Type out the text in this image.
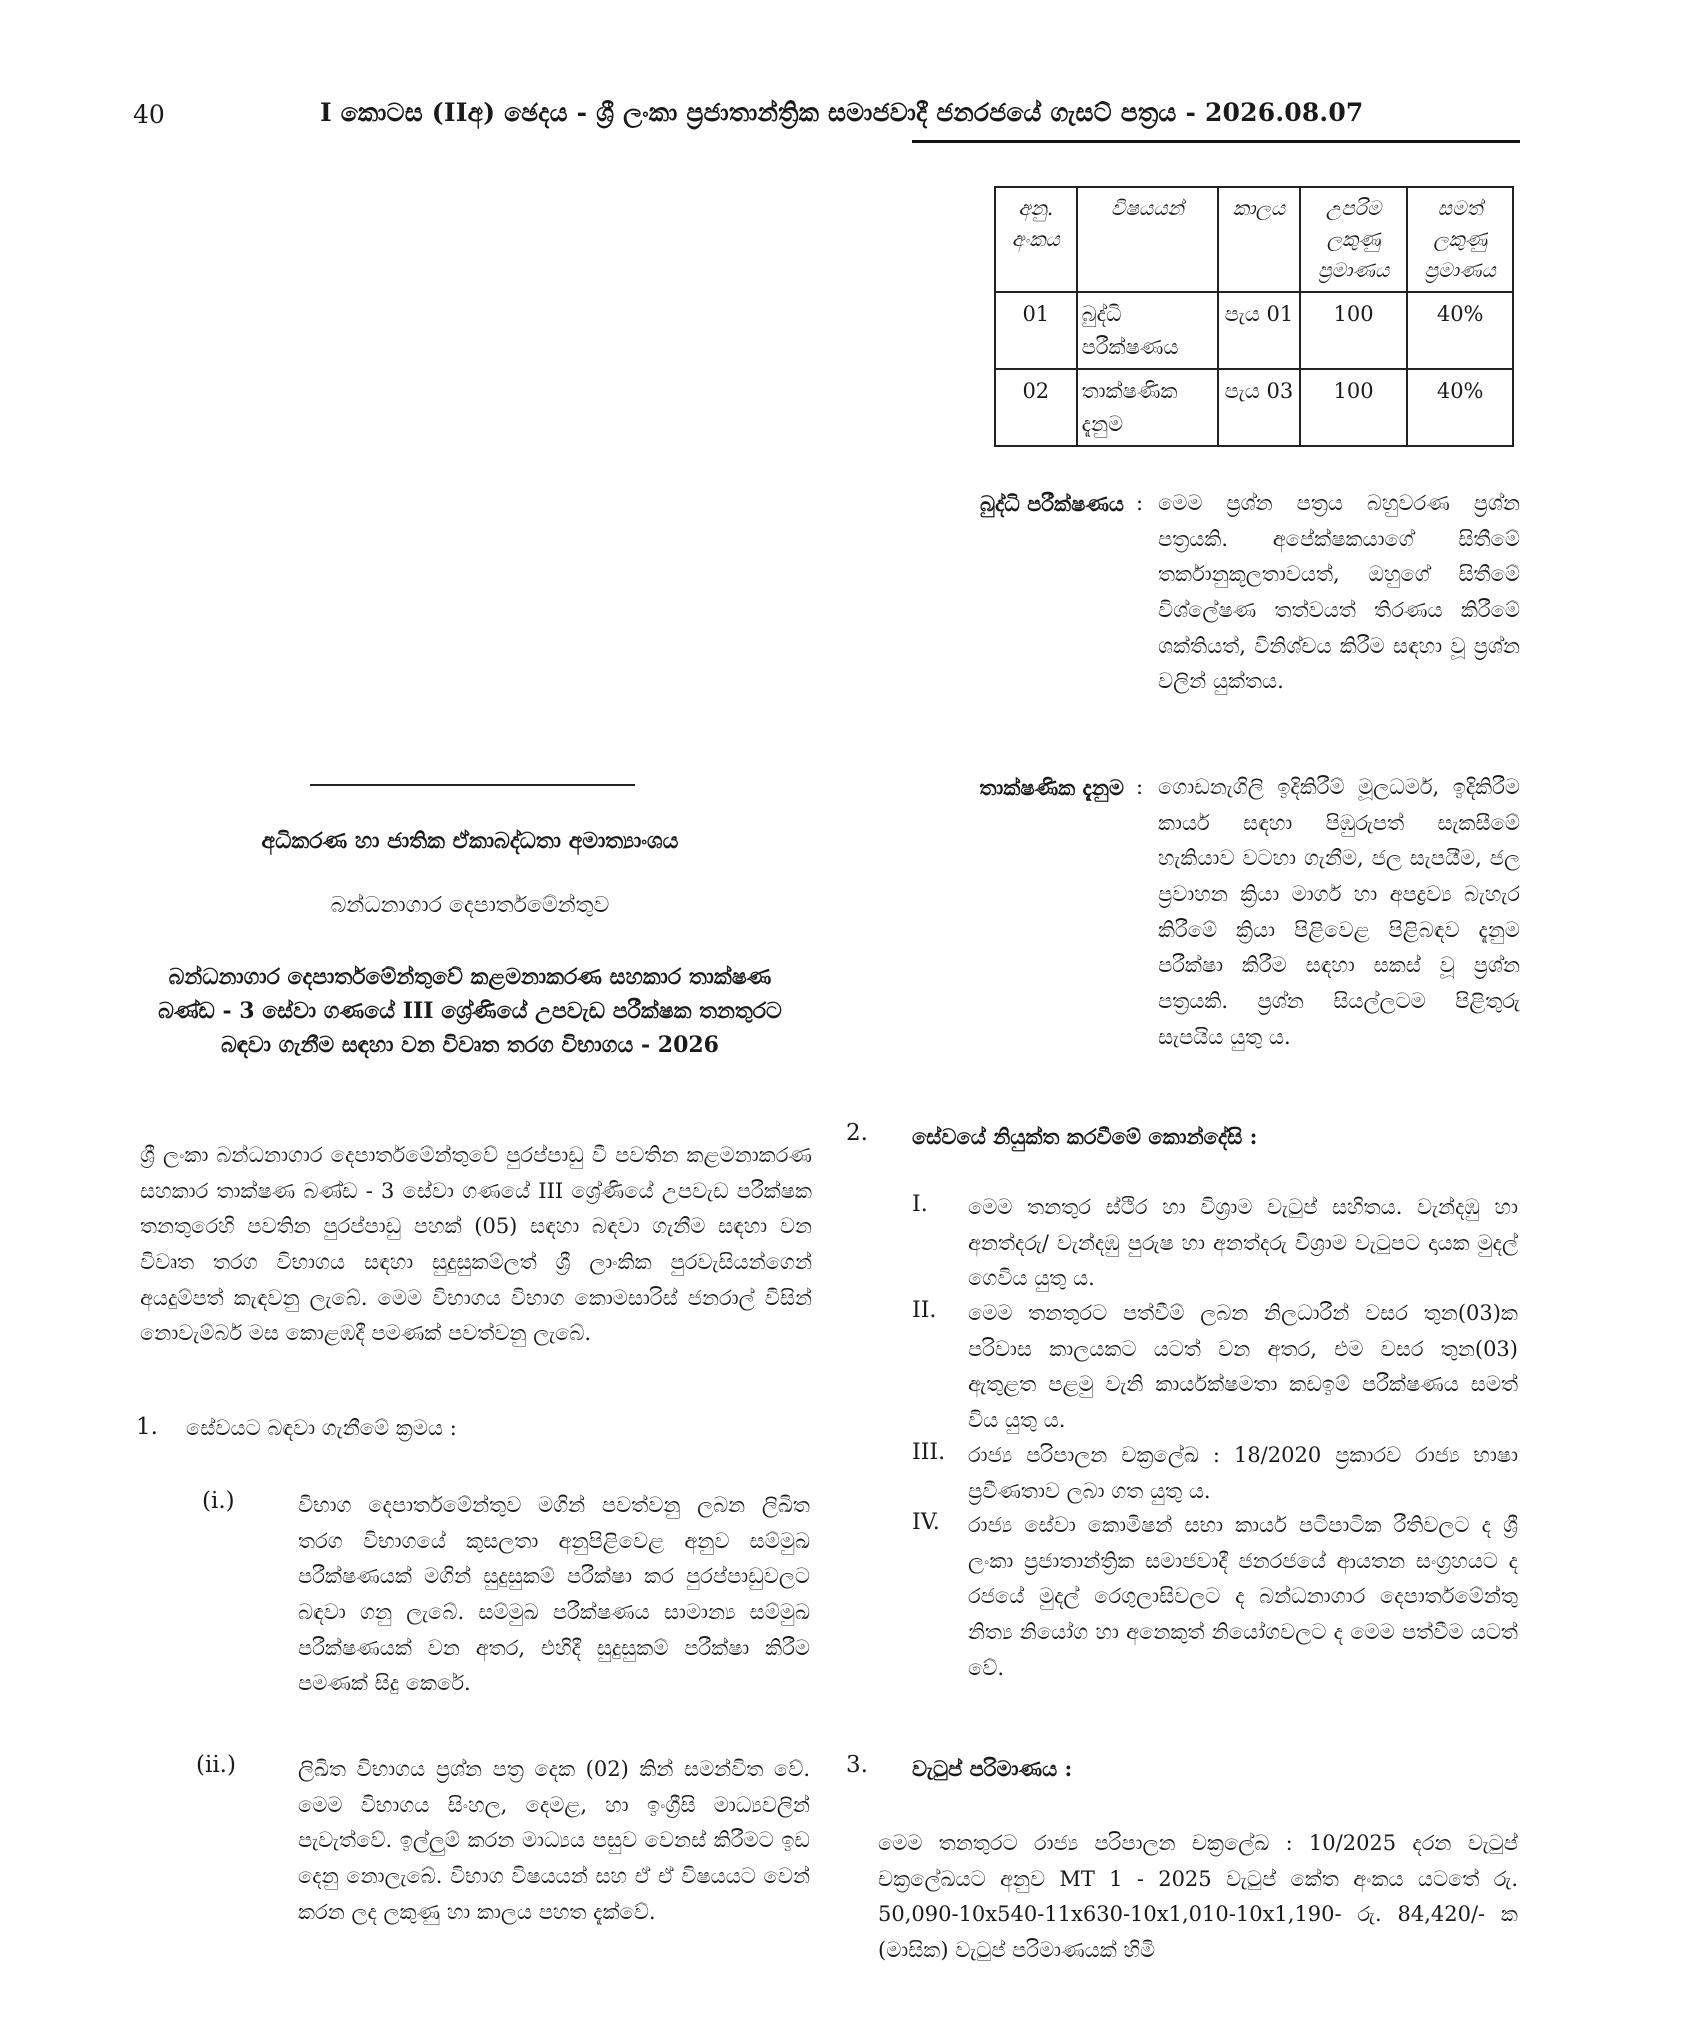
40	I කොටස (IIඅ) ඡෙදය - ශ්‍රී ලංකා ප්‍රජාතාන්ත්‍රික සමාජවාදී ජනරජයේ ගැසට් පත්‍රය - 2026.08.07
අනු. අංකය	විෂයයන්	කාලය	උපරිම ලකුණු ප්‍රමාණය	සමත් ලකුණු ප්‍රමාණය
01	බුද්ධි පරීක්ෂණය	පැය 01	100	40%
02	තාක්ෂණික දැනුම	පැය 03	100	40%
බුද්ධි පරීක්ෂණය : මෙම ප්‍රශ්න පත්‍රය බහුවරණ ප්‍රශ්න පත්‍රයකි. අපේක්ෂකයාගේ සිතීමේ තර්කානුකූලතාවයත්, ඔහුගේ සිතීමේ විශ්ලේෂණ තත්වයත් තිරණය කිරීමේ ශක්තියත්, විනිශ්චය කිරීම සඳහා වූ ප්‍රශ්න වලින් යුක්තය.
තාක්ෂණික දැනුම : ගොඩනැගිලි ඉදිකිරීම් මූලධර්ම, ඉදිකිරීම කාර්ය සඳහා පිඹුරුපත් සැකසීමේ හැකියාව වටහා ගැනීම, ජල සැපයීම, ජල ප්‍රවාහන ක්‍රියා මාර්ග හා අපද්‍රව්‍ය බැහැර කිරීමේ ක්‍රියා පිළිවෙළ පිළිබඳව දැනුම පරීක්ෂා කිරීම සඳහා සකස් වූ ප්‍රශ්න පත්‍රයකි. ප්‍රශ්න සියල්ලටම පිළිතුරු සැපයිය යුතු ය.
අධිකරණ හා ජාතික ඒකාබද්ධතා අමාත්‍යාංශය
බන්ධනාගාර දෙපාර්තමේන්තුව
බන්ධනාගාර දෙපාර්තමේන්තුවේ කළමනාකරණ සහකාර තාක්ෂණ බණ්ඩ - 3 සේවා ගණයේ III ශ්‍රේණියේ උපවැඩ පරීක්ෂක තනතුරට බඳවා ගැනීම සඳහා වන විවෘත තරග විභාගය - 2026
ශ්‍රී ලංකා බන්ධනාගාර දෙපාර්තමේන්තුවේ පුරප්පාඩු වී පවතින කළමනාකරණ සහකාර තාක්ෂණ බණ්ඩ - 3 සේවා ගණයේ III ශ්‍රේණියේ උපවැඩ පරීක්ෂක තනතුරෙහි පවතින පුරප්පාඩු පහක් (05) සඳහා බඳවා ගැනීම සඳහා වන විවෘත තරග විභාගය සඳහා සුදුසුකම්ලත් ශ්‍රී ලාංකික පුරවැසියන්ගෙන් අයදුම්පත් කැඳවනු ලැබේ. මෙම විභාගය විභාග කොමසාරිස් ජනරාල් විසින් නොවැම්බර් මස කොළඹදී පමණක් පවත්වනු ලැබේ.
1. සේවයට බඳවා ගැනීමේ ක්‍රමය :
(i.)	විභාග දෙපාර්තමේන්තුව මගින් පවත්වනු ලබන ලිඛිත තරග විභාගයේ කුසලතා අනුපිළිවෙළ අනුව සම්මුඛ පරීක්ෂණයක් මගින් සුදුසුකම් පරීක්ෂා කර පුරප්පාඩුවලට බඳවා ගනු ලැබේ. සම්මුඛ පරීක්ෂණය සාමාන්‍ය සම්මුඛ පරීක්ෂණයක් වන අතර, එහිදී සුදුසුකම් පරීක්ෂා කිරීම පමණක් සිදු කෙරේ.
(ii.)	ලිඛිත විභාගය ප්‍රශ්න පත්‍ර දෙක (02) කින් සමන්විත වේ. මෙම විභාගය සිංහල, දෙමළ, හා ඉංග්‍රීසි මාධ්‍යවලින් පැවැත්වේ. ඉල්ලුම් කරන මාධ්‍යය පසුව වෙනස් කිරීමට ඉඩ දෙනු නොලැබේ. විභාග විෂයයන් සහ ඒ ඒ විෂයයට වෙන් කරන ලද ලකුණු හා කාලය පහත දැක්වේ.
2. සේවයේ නියුක්ත කරවීමේ කොන්දේසි :
I. මෙම තනතුර ස්ථිර හා විශ්‍රාම වැටුප් සහිතය. වැන්දඹු හා අනත්දරු/ වැන්දඹු පුරුෂ හා අනත්දරු විශ්‍රාම වැටුපට දායක මුදල් ගෙවිය යුතු ය.
II. මෙම තනතුරට පත්වීම් ලබන නිලධාරීන් වසර තුන(03)ක පරිවාස කාලයකට යටත් වන අතර, එම වසර තුන(03) ඇතුළත පළමු වැනි කාර්යක්ෂමතා කඩඉම් පරීක්ෂණය සමත් විය යුතු ය.
III. රාජ්‍ය පරිපාලන චක්‍රලේඛ : 18/2020 ප්‍රකාරව රාජ්‍ය භාෂා ප්‍රවීණතාව ලබා ගත යුතු ය.
IV. රාජ්‍ය සේවා කොමිෂන් සභා කාර්ය පටිපාටික රීතිවලට ද ශ්‍රී ලංකා ප්‍රජාතාන්ත්‍රික සමාජවාදී ජනරජයේ ආයතන සංග්‍රහයට ද රජයේ මුදල් රෙගුලාසිවලට ද බන්ධනාගාර දෙපාර්තමේන්තු නිත්‍ය නියෝග හා අනෙකුත් නියෝගවලට ද මෙම පත්වීම යටත් වේ.
3. වැටුප් පරිමාණය :
මෙම තනතුරට රාජ්‍ය පරිපාලන චක්‍රලේඛ : 10/2025 දරන වැටුප් චක්‍රලේඛයට අනුව MT 1 - 2025 වැටුප් කේත අංකය යටතේ රු. 50,090-10x540-11x630-10x1,010-10x1,190- රු. 84,420/- ක (මාසික) වැටුප් පරිමාණයක් හිමි
